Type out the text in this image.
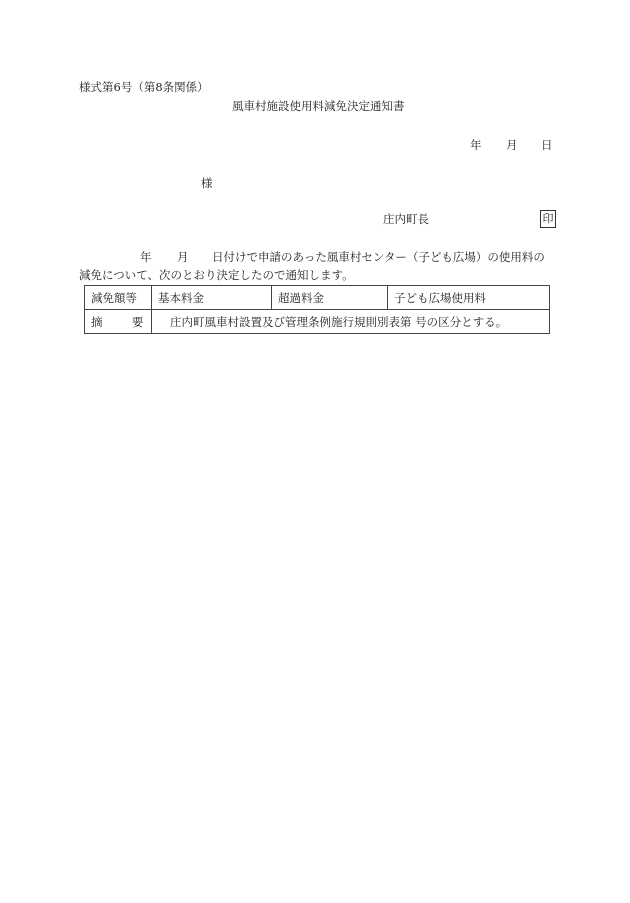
様式第6号（第8条関係）
風車村施設使用料減免決定通知書
年 月 日
様
庄内町長	印
年 月 日付けで申請のあった風車村センター（子ども広場）の使用料の
減免について、次のとおり決定したので通知します。
減免額等	基本料金	超過料金	子ども広場使用料
摘 要	庄内町風車村設置及び管理条例施行規則別表第 号の区分とする。		
